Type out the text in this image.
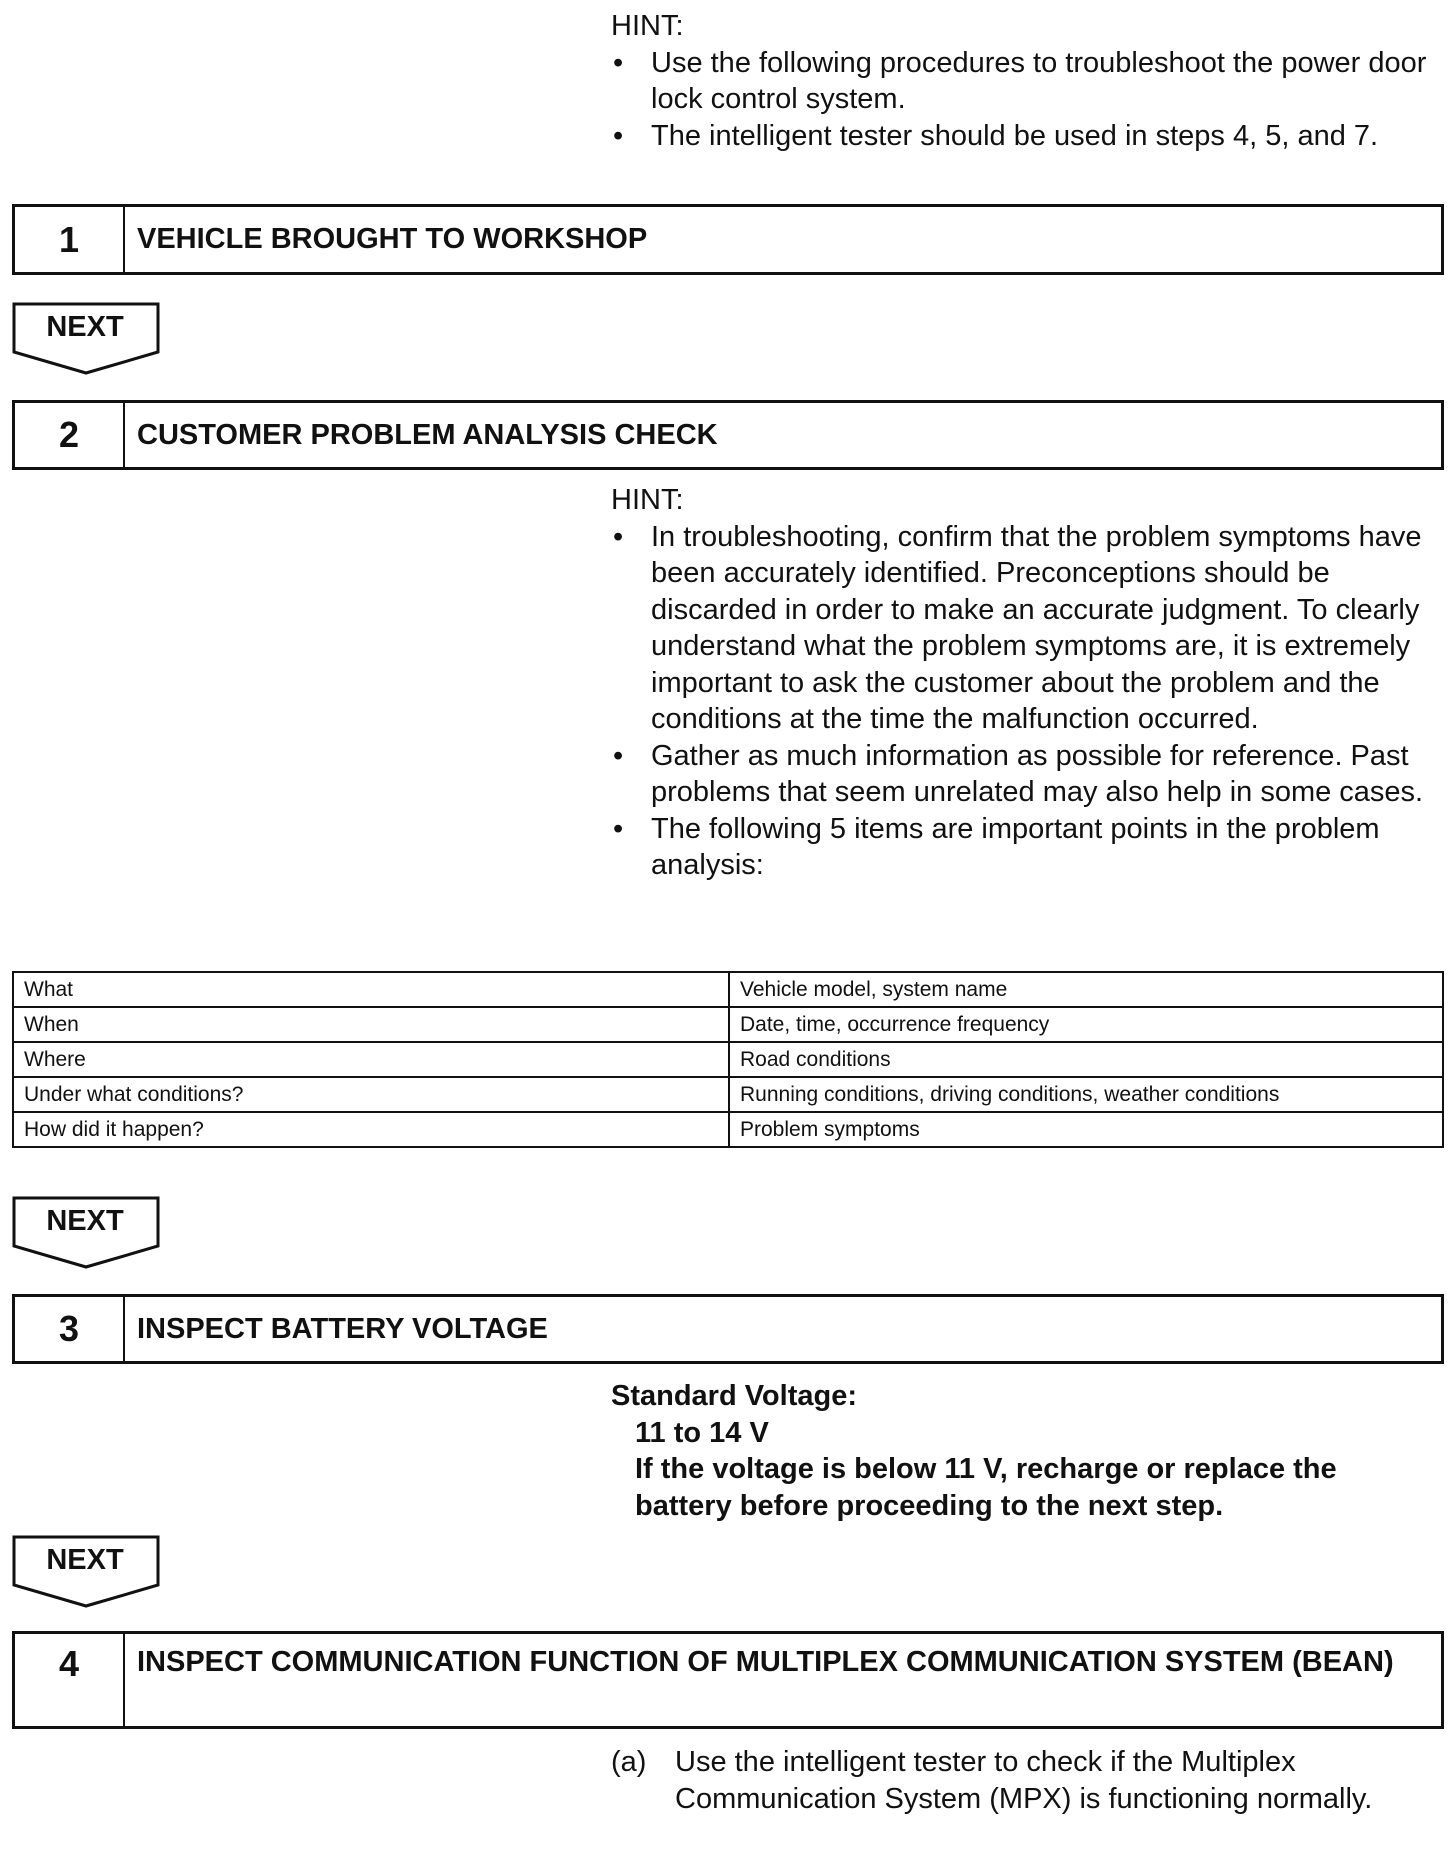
HINT:
• Use the following procedures to troubleshoot the power door lock control system.
• The intelligent tester should be used in steps 4, 5, and 7.
1	VEHICLE BROUGHT TO WORKSHOP
NEXT
2	CUSTOMER PROBLEM ANALYSIS CHECK
HINT:
• In troubleshooting, confirm that the problem symptoms have been accurately identified. Preconceptions should be discarded in order to make an accurate judgment. To clearly understand what the problem symptoms are, it is extremely important to ask the customer about the problem and the conditions at the time the malfunction occurred.
• Gather as much information as possible for reference. Past problems that seem unrelated may also help in some cases.
• The following 5 items are important points in the problem analysis:
What	Vehicle model, system name
When	Date, time, occurrence frequency
Where	Road conditions
Under what conditions?	Running conditions, driving conditions, weather conditions
How did it happen?	Problem symptoms
NEXT
3	INSPECT BATTERY VOLTAGE
Standard Voltage:
11 to 14 V
If the voltage is below 11 V, recharge or replace the battery before proceeding to the next step.
NEXT
4	INSPECT COMMUNICATION FUNCTION OF MULTIPLEX COMMUNICATION SYSTEM (BEAN)
(a) Use the intelligent tester to check if the Multiplex Communication System (MPX) is functioning normally.
